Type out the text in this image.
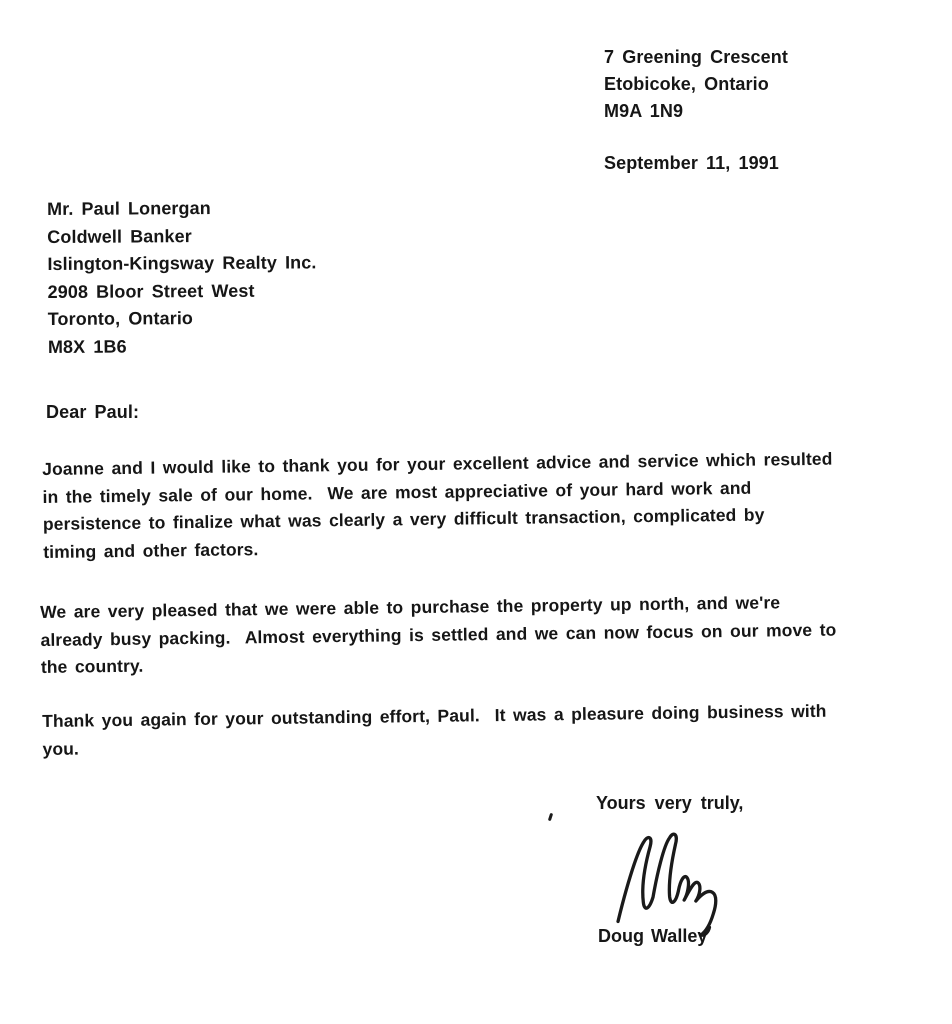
7 Greening Crescent
Etobicoke, Ontario
M9A 1N9
September 11, 1991
Mr. Paul Lonergan
Coldwell Banker
Islington-Kingsway Realty Inc.
2908 Bloor Street West
Toronto, Ontario
M8X 1B6
Dear Paul:
Joanne and I would like to thank you for your excellent advice and service which resulted
in the timely sale of our home.  We are most appreciative of your hard work and
persistence to finalize what was clearly a very difficult transaction, complicated by
timing and other factors.
We are very pleased that we were able to purchase the property up north, and we're
already busy packing.  Almost everything is settled and we can now focus on our move to
the country.
Thank you again for your outstanding effort, Paul.  It was a pleasure doing business with
you.
Yours very truly,
Doug Walley
